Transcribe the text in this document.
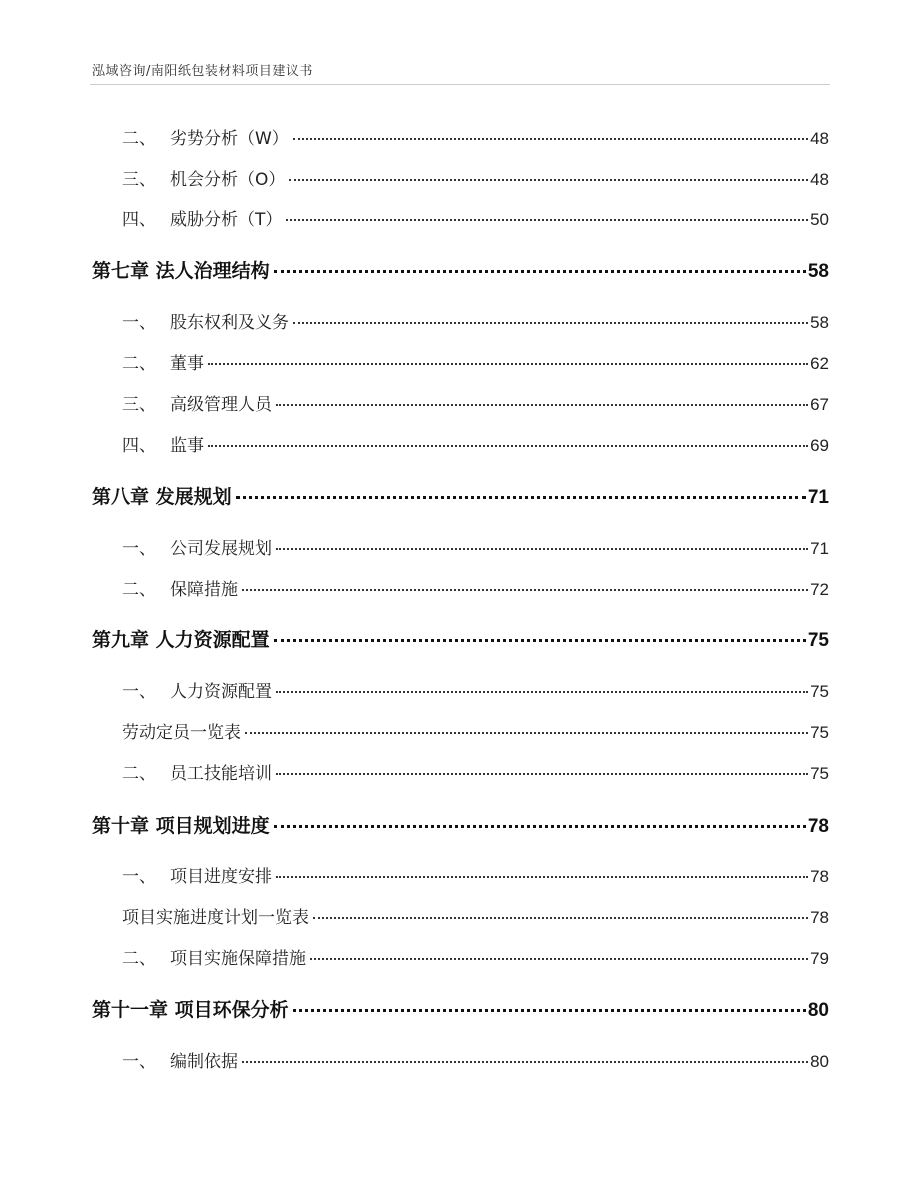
泓域咨询/南阳纸包装材料项目建议书
二、 劣势分析（W）	48
三、 机会分析（O）	48
四、 威胁分析（T）	50
第七章 法人治理结构	58
一、 股东权利及义务	58
二、 董事	62
三、 高级管理人员	67
四、 监事	69
第八章 发展规划	71
一、 公司发展规划	71
二、 保障措施	72
第九章 人力资源配置	75
一、 人力资源配置	75
劳动定员一览表	75
二、 员工技能培训	75
第十章 项目规划进度	78
一、 项目进度安排	78
项目实施进度计划一览表	78
二、 项目实施保障措施	79
第十一章 项目环保分析	80
一、 编制依据	80
